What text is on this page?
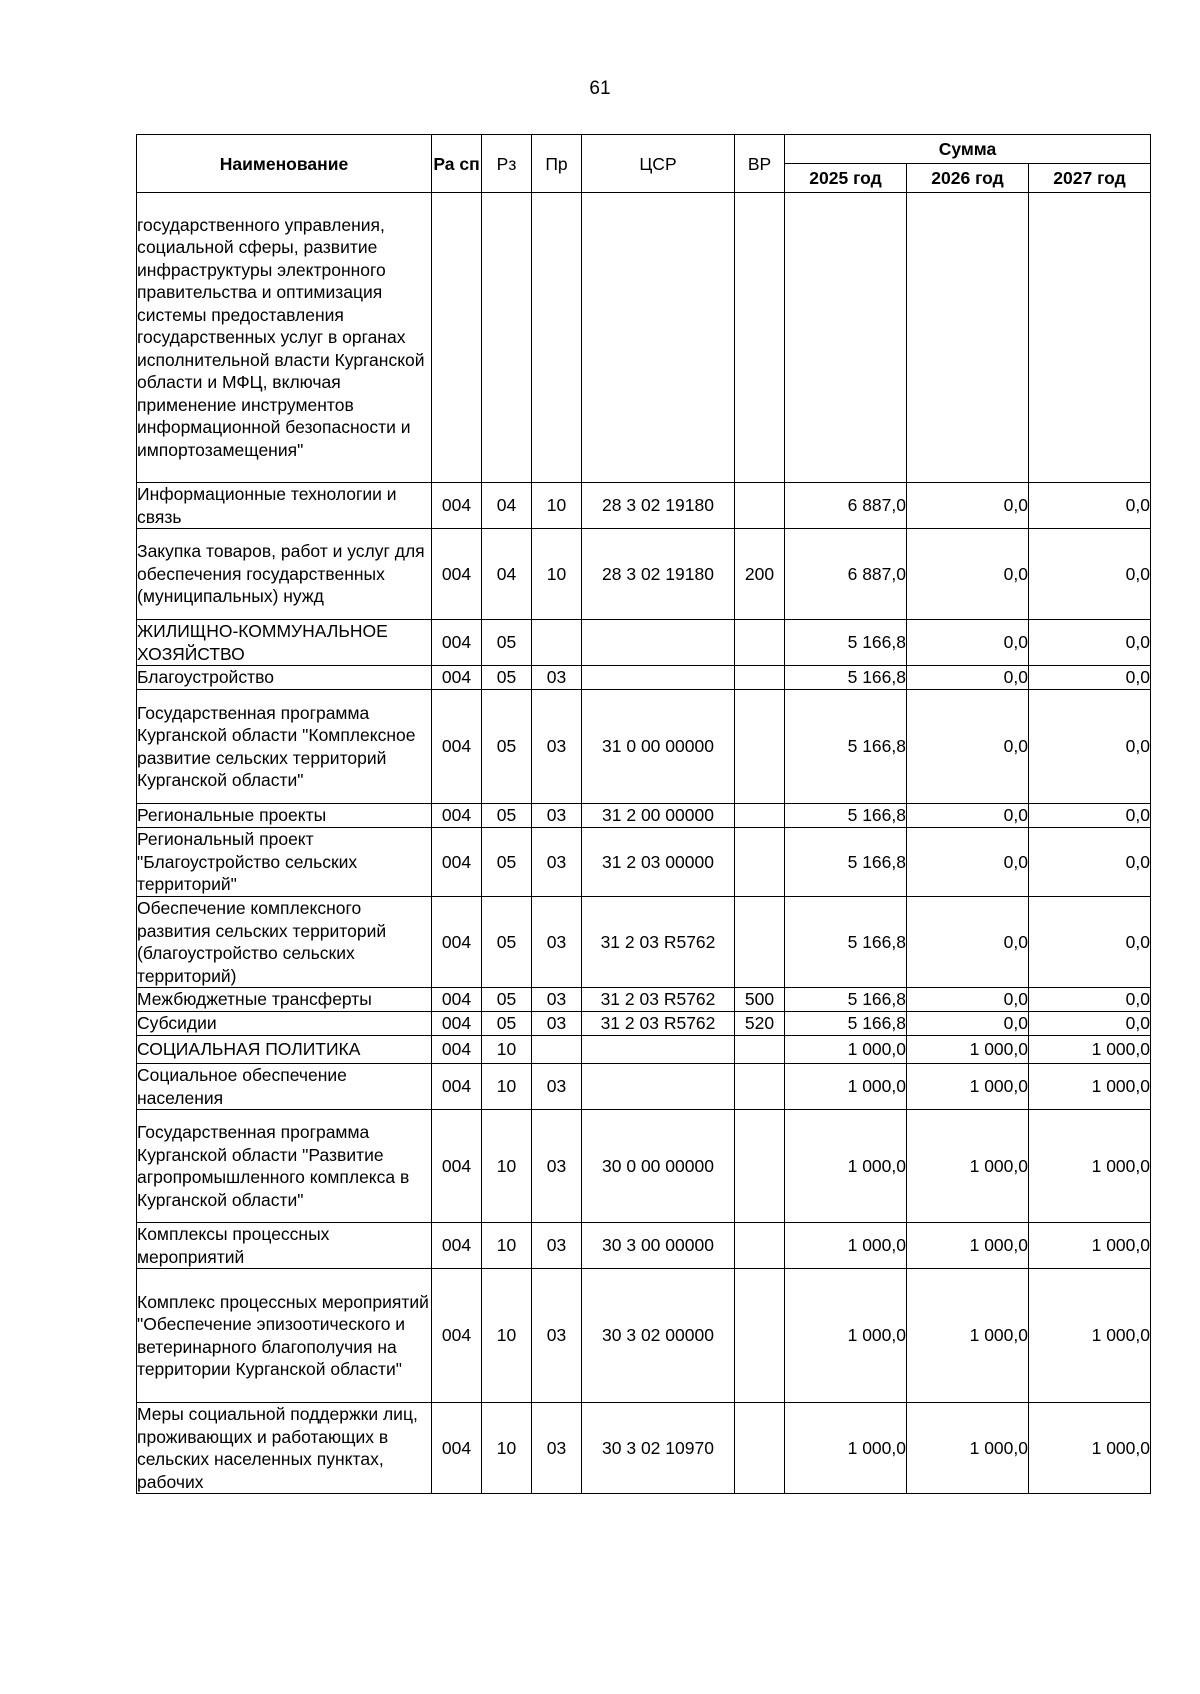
61
Наименование	Ра сп	Рз	Пр	ЦСР	ВР	Сумма		
						2025 год	2026 год	2027 год
государственного управления, социальной сферы, развитие инфраструктуры электронного правительства и оптимизация системы предоставления государственных услуг в органах исполнительной власти Курганской области и МФЦ, включая применение инструментов информационной безопасности и импортозамещения"								
Информационные технологии и связь	004	04	10	28 3 02 19180		6 887,0	0,0	0,0
Закупка товаров, работ и услуг для обеспечения государственных (муниципальных) нужд	004	04	10	28 3 02 19180	200	6 887,0	0,0	0,0
ЖИЛИЩНО-КОММУНАЛЬНОЕ ХОЗЯЙСТВО	004	05				5 166,8	0,0	0,0
Благоустройство	004	05	03			5 166,8	0,0	0,0
Государственная программа Курганской области "Комплексное развитие сельских территорий Курганской области"	004	05	03	31 0 00 00000		5 166,8	0,0	0,0
Региональные проекты	004	05	03	31 2 00 00000		5 166,8	0,0	0,0
Региональный проект "Благоустройство сельских территорий"	004	05	03	31 2 03 00000		5 166,8	0,0	0,0
Обеспечение комплексного развития сельских территорий (благоустройство сельских территорий)	004	05	03	31 2 03 R5762		5 166,8	0,0	0,0
Межбюджетные трансферты	004	05	03	31 2 03 R5762	500	5 166,8	0,0	0,0
Субсидии	004	05	03	31 2 03 R5762	520	5 166,8	0,0	0,0
СОЦИАЛЬНАЯ ПОЛИТИКА	004	10				1 000,0	1 000,0	1 000,0
Социальное обеспечение населения	004	10	03			1 000,0	1 000,0	1 000,0
Государственная программа Курганской области "Развитие агропромышленного комплекса в Курганской области"	004	10	03	30 0 00 00000		1 000,0	1 000,0	1 000,0
Комплексы процессных мероприятий	004	10	03	30 3 00 00000		1 000,0	1 000,0	1 000,0
Комплекс процессных мероприятий "Обеспечение эпизоотического и ветеринарного благополучия на территории Курганской области"	004	10	03	30 3 02 00000		1 000,0	1 000,0	1 000,0
Меры социальной поддержки лиц, проживающих и работающих в сельских населенных пунктах, рабочих	004	10	03	30 3 02 10970		1 000,0	1 000,0	1 000,0
